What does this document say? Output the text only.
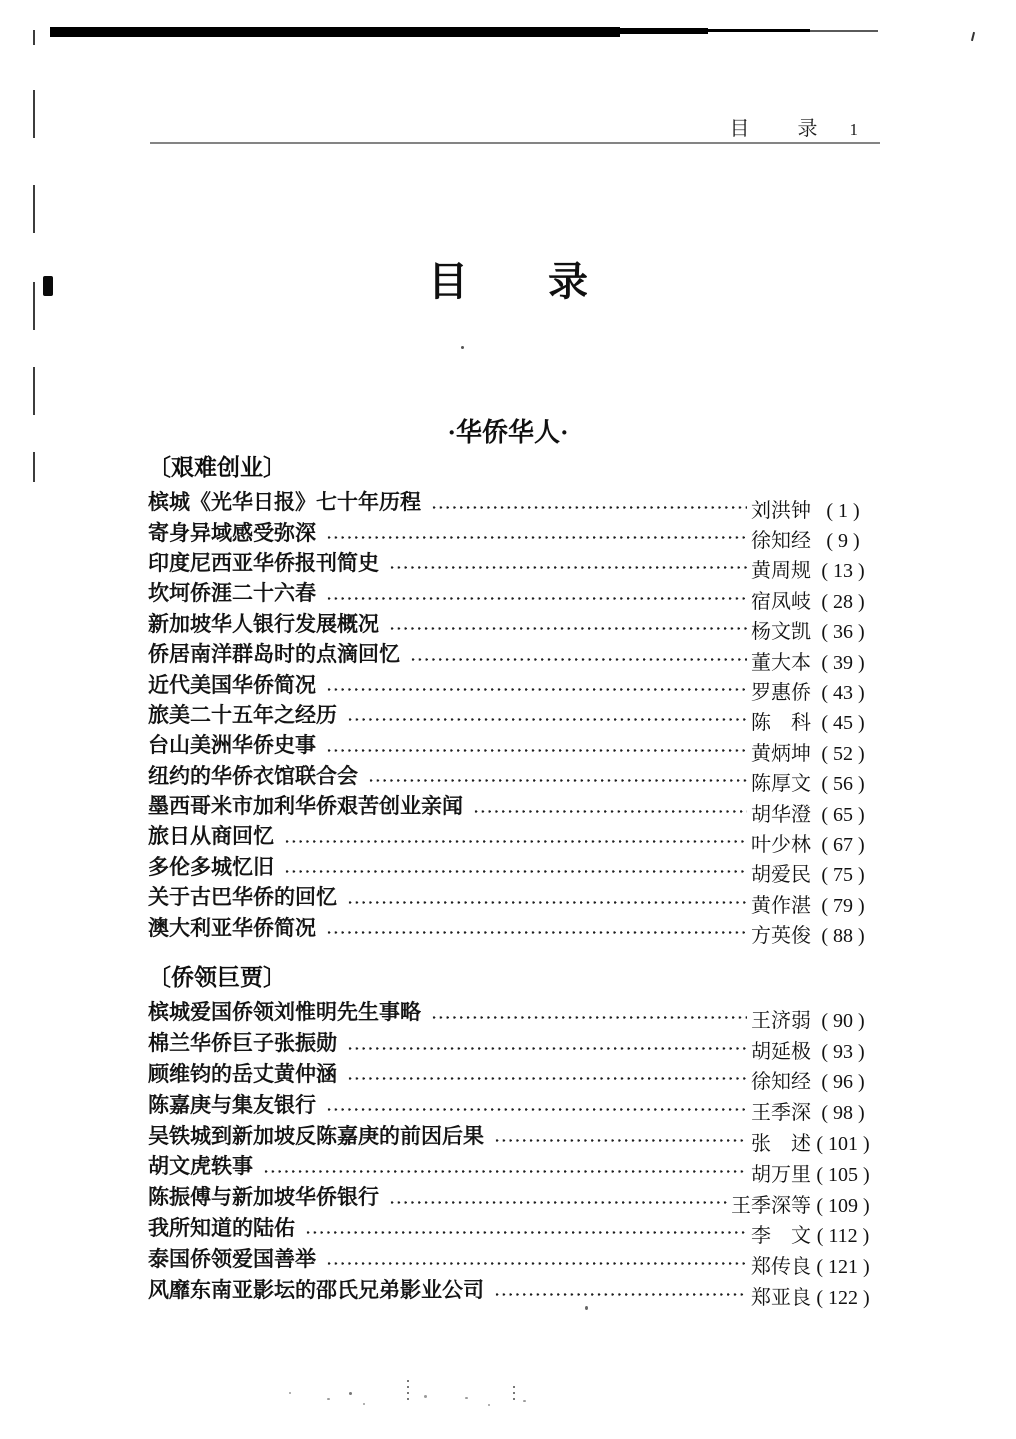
目　录 1
目　　录
·华侨华人·
〔艰难创业〕
槟城《光华日报》七十年历程	刘洪钟 ( 1 )
寄身异域感受弥深	徐知经 ( 9 )
印度尼西亚华侨报刊简史	黄周规 ( 13 )
坎坷侨涯二十六春	宿凤岐 ( 28 )
新加坡华人银行发展概况	杨文凯 ( 36 )
侨居南洋群岛时的点滴回忆	董大本 ( 39 )
近代美国华侨简况	罗惠侨 ( 43 )
旅美二十五年之经历	陈　科 ( 45 )
台山美洲华侨史事	黄炳坤 ( 52 )
纽约的华侨衣馆联合会	陈厚文 ( 56 )
墨西哥米市加利华侨艰苦创业亲闻	胡华澄 ( 65 )
旅日从商回忆	叶少林 ( 67 )
多伦多城忆旧	胡爱民 ( 75 )
关于古巴华侨的回忆	黄作湛 ( 79 )
澳大利亚华侨简况	方英俊 ( 88 )
〔侨领巨贾〕
槟城爱国侨领刘惟明先生事略	王济弱 ( 90 )
棉兰华侨巨子张振勋	胡延极 ( 93 )
顾维钧的岳丈黄仲涵	徐知经 ( 96 )
陈嘉庚与集友银行	王季深 ( 98 )
吴铁城到新加坡反陈嘉庚的前因后果	张　述 ( 101 )
胡文虎轶事	胡万里 ( 105 )
陈振傅与新加坡华侨银行	王季深等 ( 109 )
我所知道的陆佑	李　文 ( 112 )
泰国侨领爱国善举	郑传良 ( 121 )
风靡东南亚影坛的邵氏兄弟影业公司	郑亚良 ( 122 )
